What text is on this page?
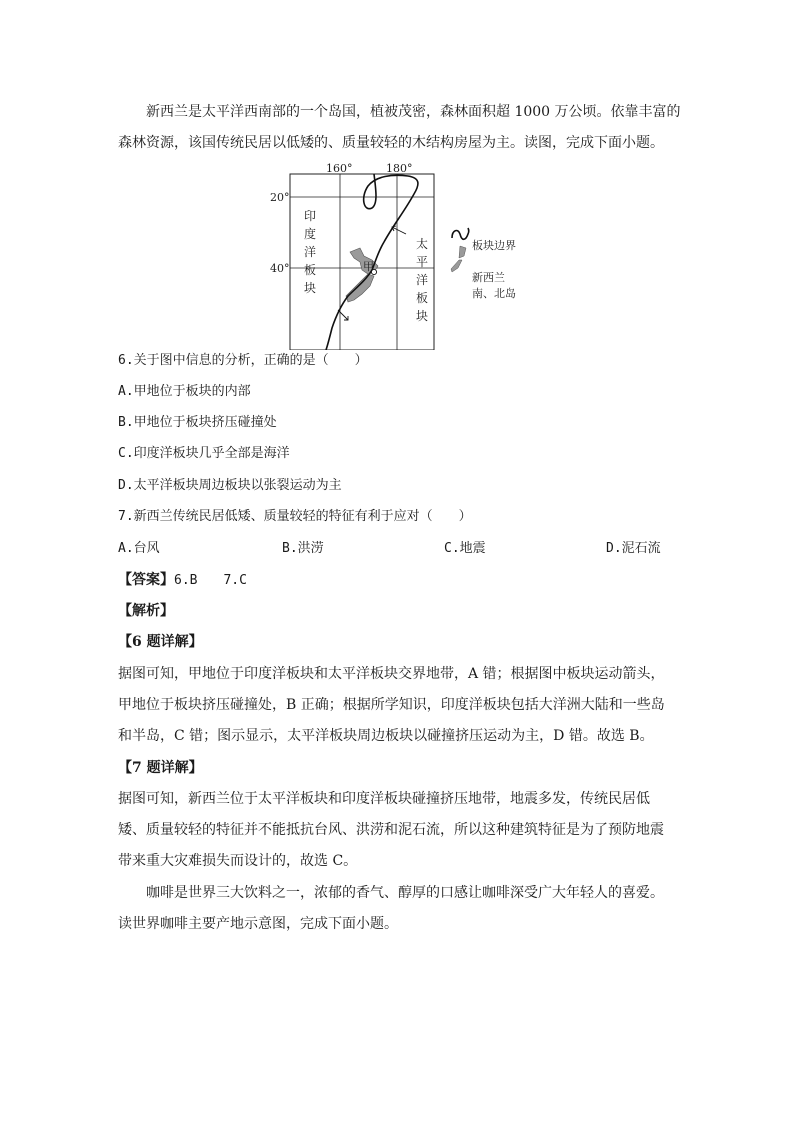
新西兰是太平洋西南部的一个岛国，植被茂密，森林面积超 1000 万公顷。依靠丰富的
森林资源，该国传统民居以低矮的、质量较轻的木结构房屋为主。读图，完成下面小题。
160°	180°
20°
40°	甲
印
度
洋
板
块
太
平
洋
板
块
板块边界
新西兰
南、北岛
6.关于图中信息的分析，正确的是（　　）
A.甲地位于板块的内部
B.甲地位于板块挤压碰撞处
C.印度洋板块几乎全部是海洋
D.太平洋板块周边板块以张裂运动为主
7.新西兰传统民居低矮、质量较轻的特征有利于应对（　　）
A.台风	B.洪涝	C.地震	D.泥石流
【答案】6.B　　7.C
【解析】
【6 题详解】
据图可知，甲地位于印度洋板块和太平洋板块交界地带，A 错；根据图中板块运动箭头，
甲地位于板块挤压碰撞处，B 正确；根据所学知识，印度洋板块包括大洋洲大陆和一些岛
和半岛，C 错；图示显示，太平洋板块周边板块以碰撞挤压运动为主，D 错。故选 B。
【7 题详解】
据图可知，新西兰位于太平洋板块和印度洋板块碰撞挤压地带，地震多发，传统民居低
矮、质量较轻的特征并不能抵抗台风、洪涝和泥石流，所以这种建筑特征是为了预防地震
带来重大灾难损失而设计的，故选 C。
咖啡是世界三大饮料之一，浓郁的香气、醇厚的口感让咖啡深受广大年轻人的喜爱。
读世界咖啡主要产地示意图，完成下面小题。
